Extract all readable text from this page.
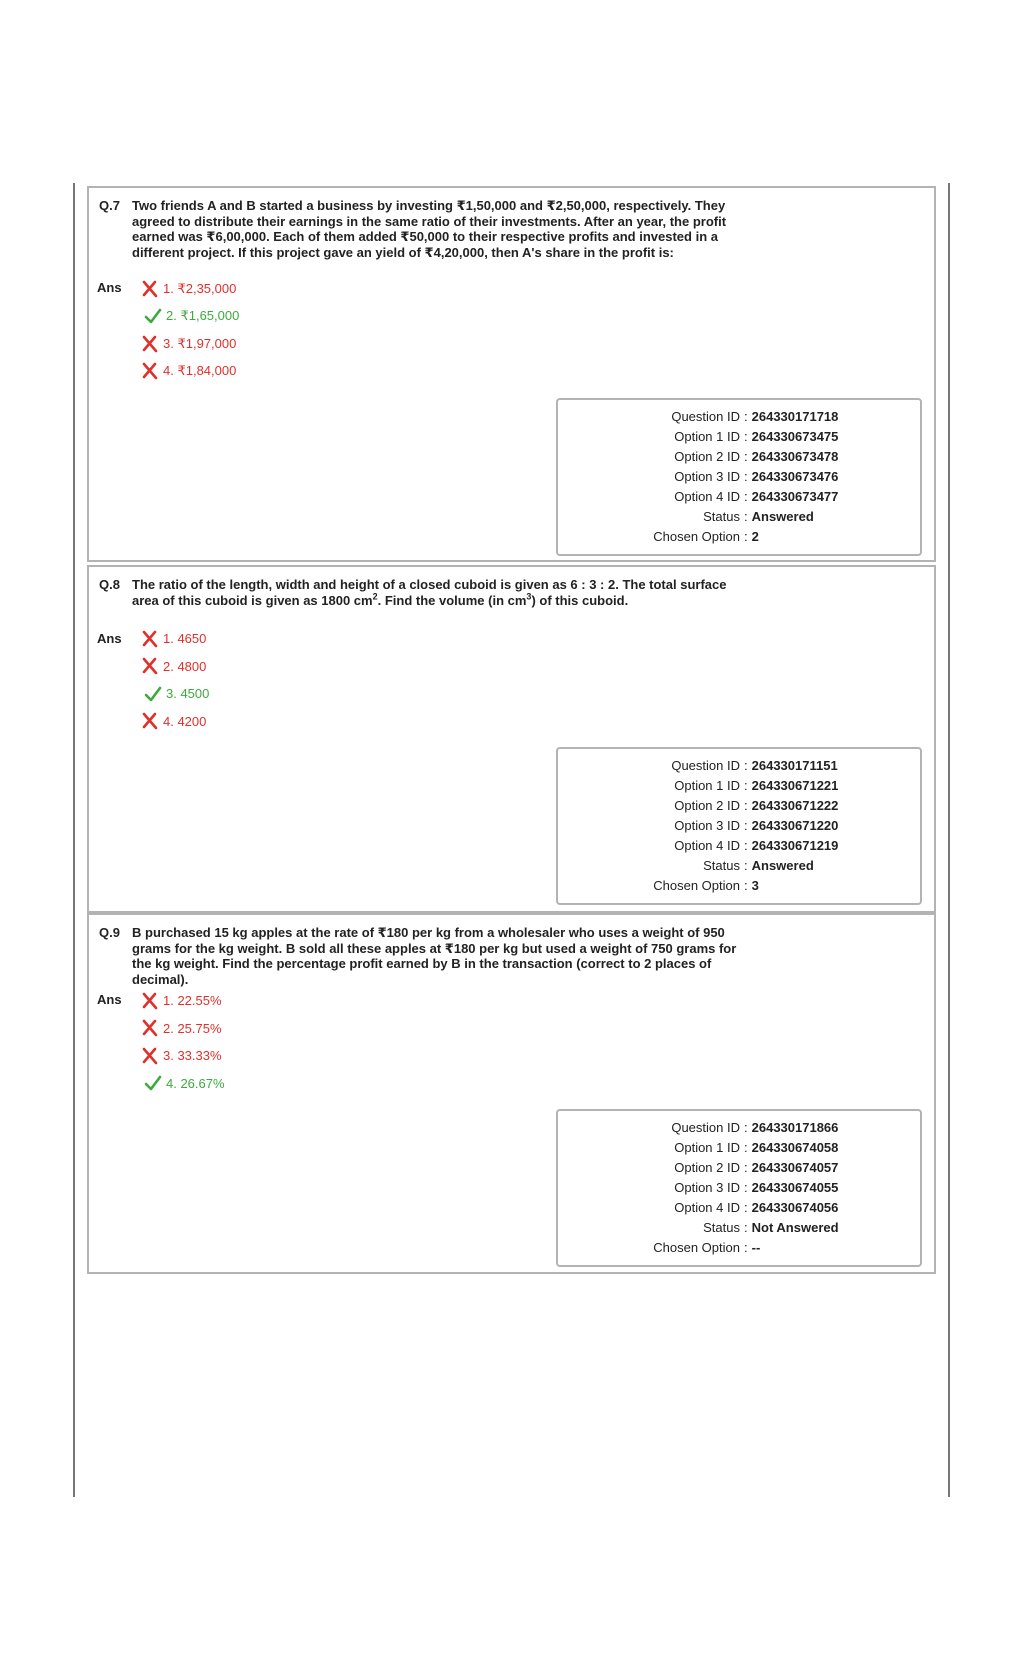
Q.7 Two friends A and B started a business by investing ₹1,50,000 and ₹2,50,000, respectively. They agreed to distribute their earnings in the same ratio of their investments. After an year, the profit earned was ₹6,00,000. Each of them added ₹50,000 to their respective profits and invested in a different project. If this project gave an yield of ₹4,20,000, then A's share in the profit is:
Ans	1. ₹2,35,000
2. ₹1,65,000
3. ₹1,97,000
4. ₹1,84,000
Question ID : 264330171718
Option 1 ID : 264330673475
Option 2 ID : 264330673478
Option 3 ID : 264330673476
Option 4 ID : 264330673477
Status : Answered
Chosen Option : 2
Q.8 The ratio of the length, width and height of a closed cuboid is given as 6 : 3 : 2. The total surface area of this cuboid is given as 1800 $cm^2$. Find the volume (in $cm^3$) of this cuboid.
Ans	1. 4650
2. 4800
3. 4500
4. 4200
Question ID : 264330171151
Option 1 ID : 264330671221
Option 2 ID : 264330671222
Option 3 ID : 264330671220
Option 4 ID : 264330671219
Status : Answered
Chosen Option : 3
Q.9 B purchased 15 kg apples at the rate of ₹180 per kg from a wholesaler who uses a weight of 950 grams for the kg weight. B sold all these apples at ₹180 per kg but used a weight of 750 grams for the kg weight. Find the percentage profit earned by B in the transaction (correct to 2 places of decimal).
Ans	1. 22.55%
2. 25.75%
3. 33.33%
4. 26.67%
Question ID : 264330171866
Option 1 ID : 264330674058
Option 2 ID : 264330674057
Option 3 ID : 264330674055
Option 4 ID : 264330674056
Status : Not Answered
Chosen Option : --
